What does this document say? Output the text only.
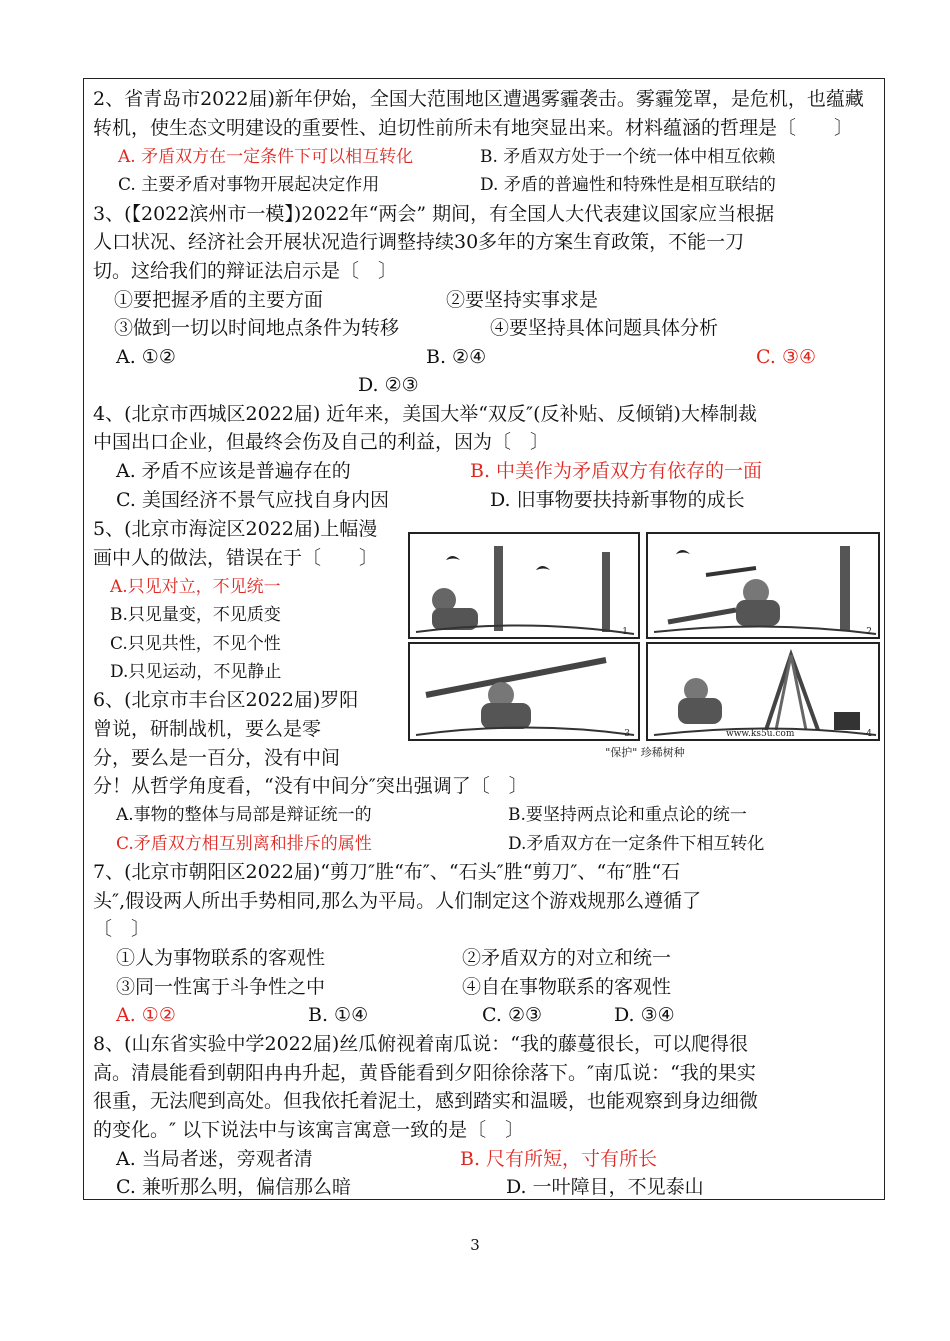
2、省青岛市2022届)新年伊始，全国大范围地区遭遇雾霾袭击。雾霾笼罩，是危机，也蕴藏
转机，使生态文明建设的重要性、迫切性前所未有地突显出来。材料蕴涵的哲理是〔　　〕
A. 矛盾双方在一定条件下可以相互转化	B. 矛盾双方处于一个统一体中相互依赖
C. 主要矛盾对事物开展起决定作用	D. 矛盾的普遍性和特殊性是相互联结的
3、(【2022滨州市一模】)2022年“两会” 期间，有全国人大代表建议国家应当根据
人口状况、经济社会开展状况造行调整持续30多年的方案生育政策，不能一刀
切。这给我们的辩证法启示是〔　〕
①要把握矛盾的主要方面	②要坚持实事求是
③做到一切以时间地点条件为转移	④要坚持具体问题具体分析
A. ①②	B. ②④	C. ③④
D. ②③
4、(北京市西城区2022届) 近年来，美国大举“双反″(反补贴、反倾销)大棒制裁
中国出口企业，但最终会伤及自己的利益，因为〔　〕
A. 矛盾不应该是普遍存在的	B. 中美作为矛盾双方有依存的一面
C. 美国经济不景气应找自身内因	D. 旧事物要扶持新事物的成长
5、(北京市海淀区2022届)上幅漫
画中人的做法，错误在于〔　　〕
A.只见对立，不见统一
B.只见量变，不见质变
C.只见共性，不见个性
D.只见运动，不见静止
1	2
3	4
www.ks5u.com
"保护" 珍稀树种
6、(北京市丰台区2022届)罗阳
曾说，研制战机，要么是零
分，要么是一百分，没有中间
分！从哲学角度看，“没有中间分″突出强调了〔　〕
A.事物的整体与局部是辩证统一的	B.要坚持两点论和重点论的统一
C.矛盾双方相互别离和排斥的属性	D.矛盾双方在一定条件下相互转化
7、(北京市朝阳区2022届)“剪刀″胜“布″、“石头″胜“剪刀″、“布″胜“石
头″,假设两人所出手势相同,那么为平局。人们制定这个游戏规那么遵循了
〔　〕
①人为事物联系的客观性	②矛盾双方的对立和统一
③同一性寓于斗争性之中	④自在事物联系的客观性
A. ①②	B. ①④	C. ②③	D. ③④
8、(山东省实验中学2022届)丝瓜俯视着南瓜说：“我的藤蔓很长，可以爬得很
高。清晨能看到朝阳冉冉升起，黄昏能看到夕阳徐徐落下。″南瓜说：“我的果实
很重，无法爬到高处。但我依托着泥土，感到踏实和温暖，也能观察到身边细微
的变化。″ 以下说法中与该寓言寓意一致的是〔　〕
A. 当局者迷，旁观者清	B. 尺有所短，寸有所长
C. 兼听那么明，偏信那么暗	D. 一叶障目，不见泰山
3
